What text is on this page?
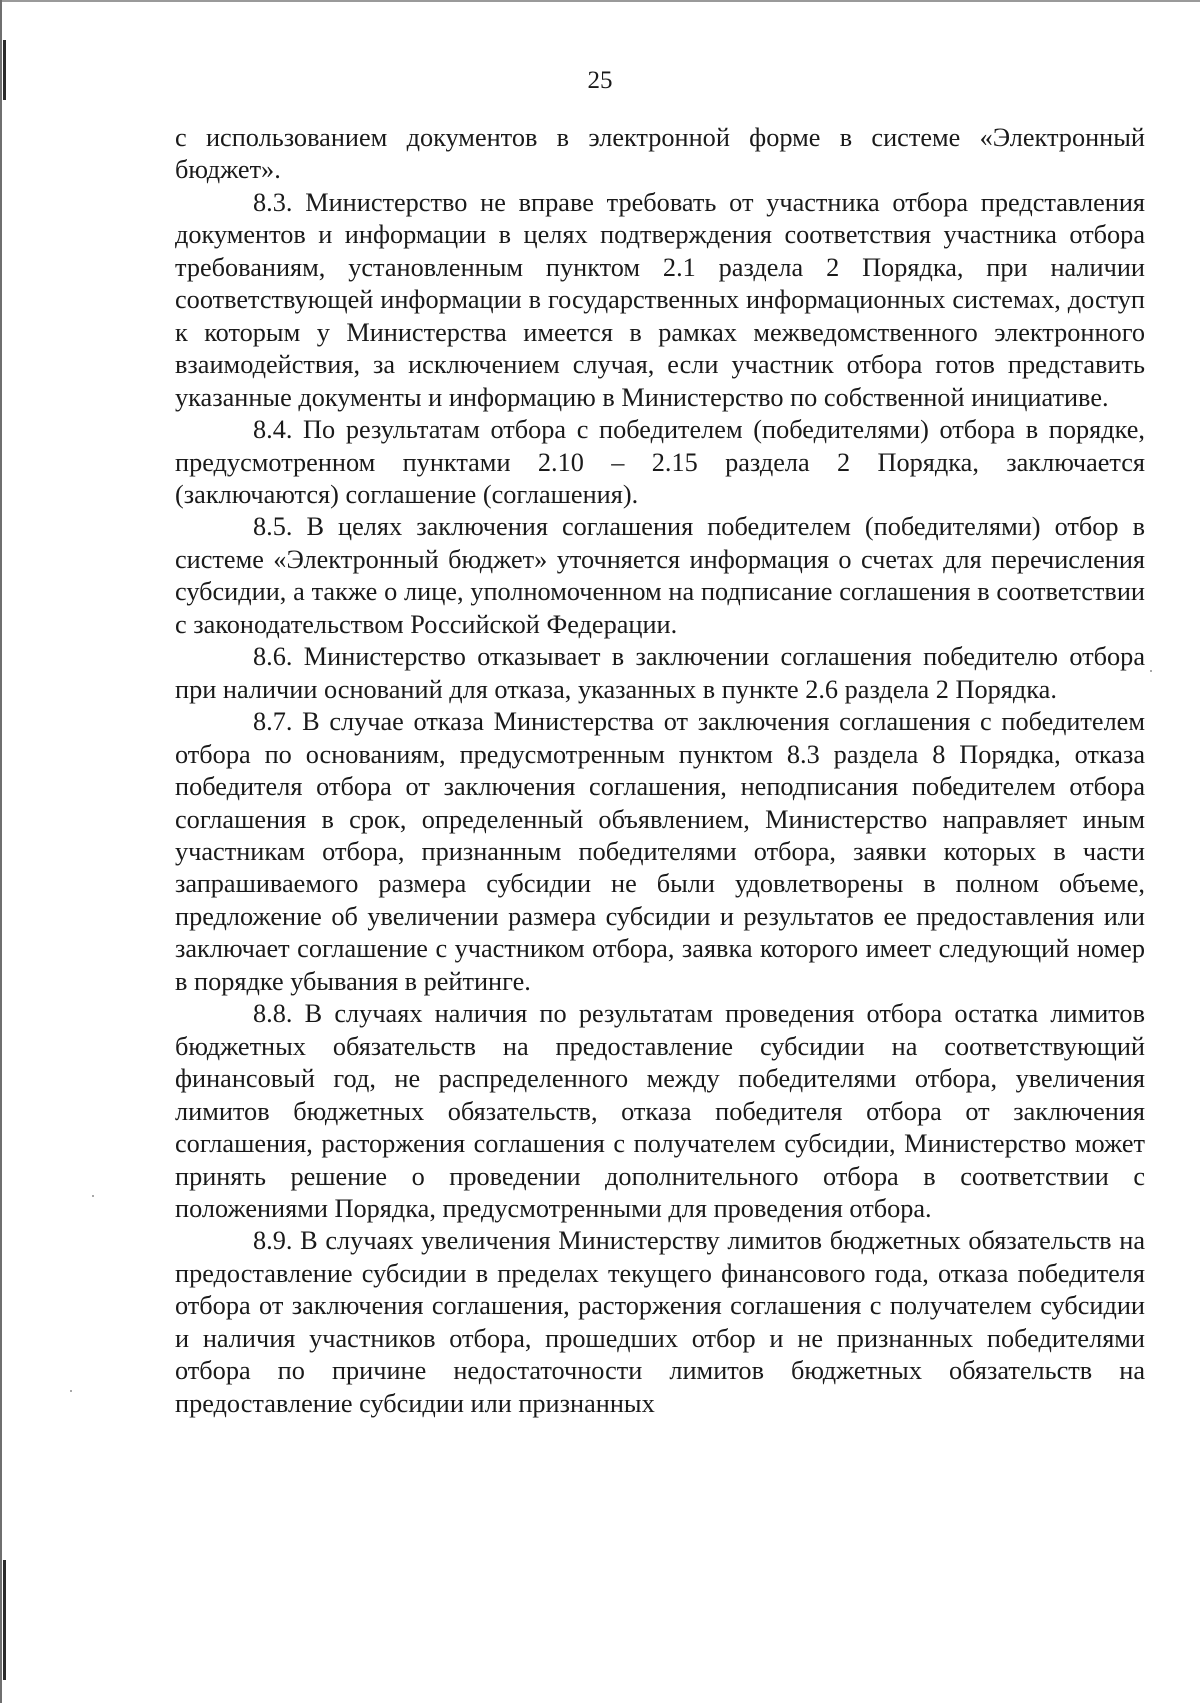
25

с использованием документов в электронной форме в системе «Электронный бюджет».

8.3. Министерство не вправе требовать от участника отбора представления документов и информации в целях подтверждения соответствия участника отбора требованиям, установленным пунктом 2.1 раздела 2 Порядка, при наличии соответствующей информации в государственных информационных системах, доступ к которым у Министерства имеется в рамках межведомственного электронного взаимодействия, за исключением случая, если участник отбора готов представить указанные документы и информацию в Министерство по собственной инициативе.

8.4. По результатам отбора с победителем (победителями) отбора в порядке, предусмотренном пунктами 2.10 – 2.15 раздела 2 Порядка, заключается (заключаются) соглашение (соглашения).

8.5. В целях заключения соглашения победителем (победителями) отбор в системе «Электронный бюджет» уточняется информация о счетах для перечисления субсидии, а также о лице, уполномоченном на подписание соглашения в соответствии с законодательством Российской Федерации.

8.6. Министерство отказывает в заключении соглашения победителю отбора при наличии оснований для отказа, указанных в пункте 2.6 раздела 2 Порядка.

8.7. В случае отказа Министерства от заключения соглашения с победителем отбора по основаниям, предусмотренным пунктом 8.3 раздела 8 Порядка, отказа победителя отбора от заключения соглашения, неподписания победителем отбора соглашения в срок, определенный объявлением, Министерство направляет иным участникам отбора, признанным победителями отбора, заявки которых в части запрашиваемого размера субсидии не были удовлетворены в полном объеме, предложение об увеличении размера субсидии и результатов ее предоставления или заключает соглашение с участником отбора, заявка которого имеет следующий номер в порядке убывания в рейтинге.

8.8. В случаях наличия по результатам проведения отбора остатка лимитов бюджетных обязательств на предоставление субсидии на соответствующий финансовый год, не распределенного между победителями отбора, увеличения лимитов бюджетных обязательств, отказа победителя отбора от заключения соглашения, расторжения соглашения с получателем субсидии, Министерство может принять решение о проведении дополнительного отбора в соответствии с положениями Порядка, предусмотренными для проведения отбора.

8.9. В случаях увеличения Министерству лимитов бюджетных обязательств на предоставление субсидии в пределах текущего финансового года, отказа победителя отбора от заключения соглашения, расторжения соглашения с получателем субсидии и наличия участников отбора, прошедших отбор и не признанных победителями отбора по причине недостаточности лимитов бюджетных обязательств на предоставление субсидии или признанных
